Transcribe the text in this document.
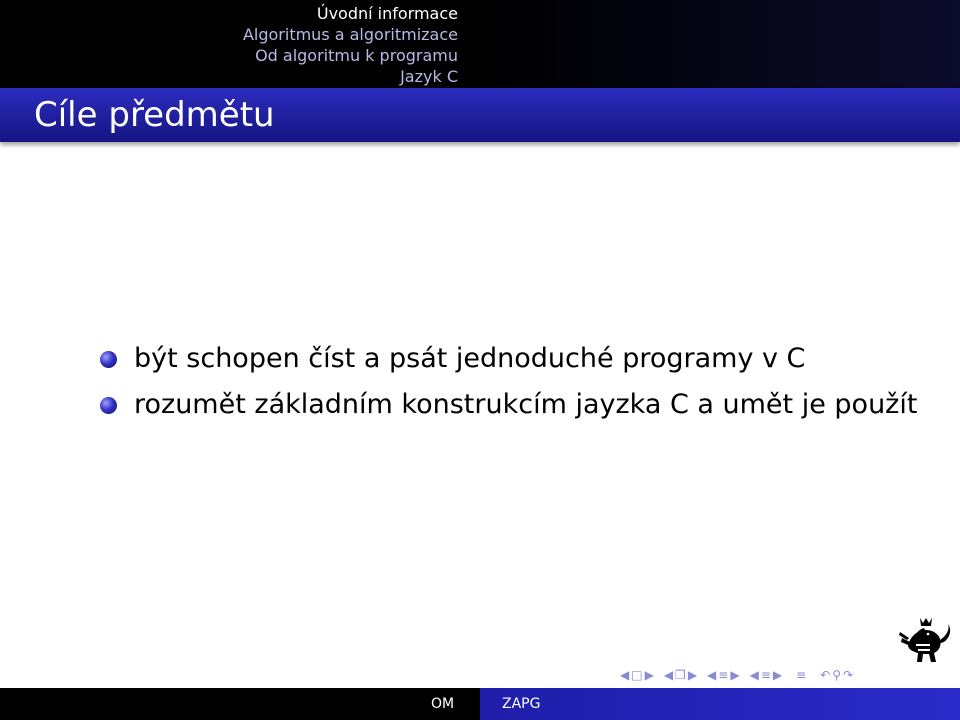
Úvodní informace
Algoritmus a algoritmizace
Od algoritmu k programu
Jazyk C
Cíle předmětu
být schopen číst a psát jednoduché programy v C
rozumět základním konstrukcím jayzka C a umět je použít
◀ □ ▶ ◀ ❒ ▶ ◀ ≡ ▶ ◀ ≡ ▶ ≡ ↶ ⚲ ↷
OM	ZAPG
